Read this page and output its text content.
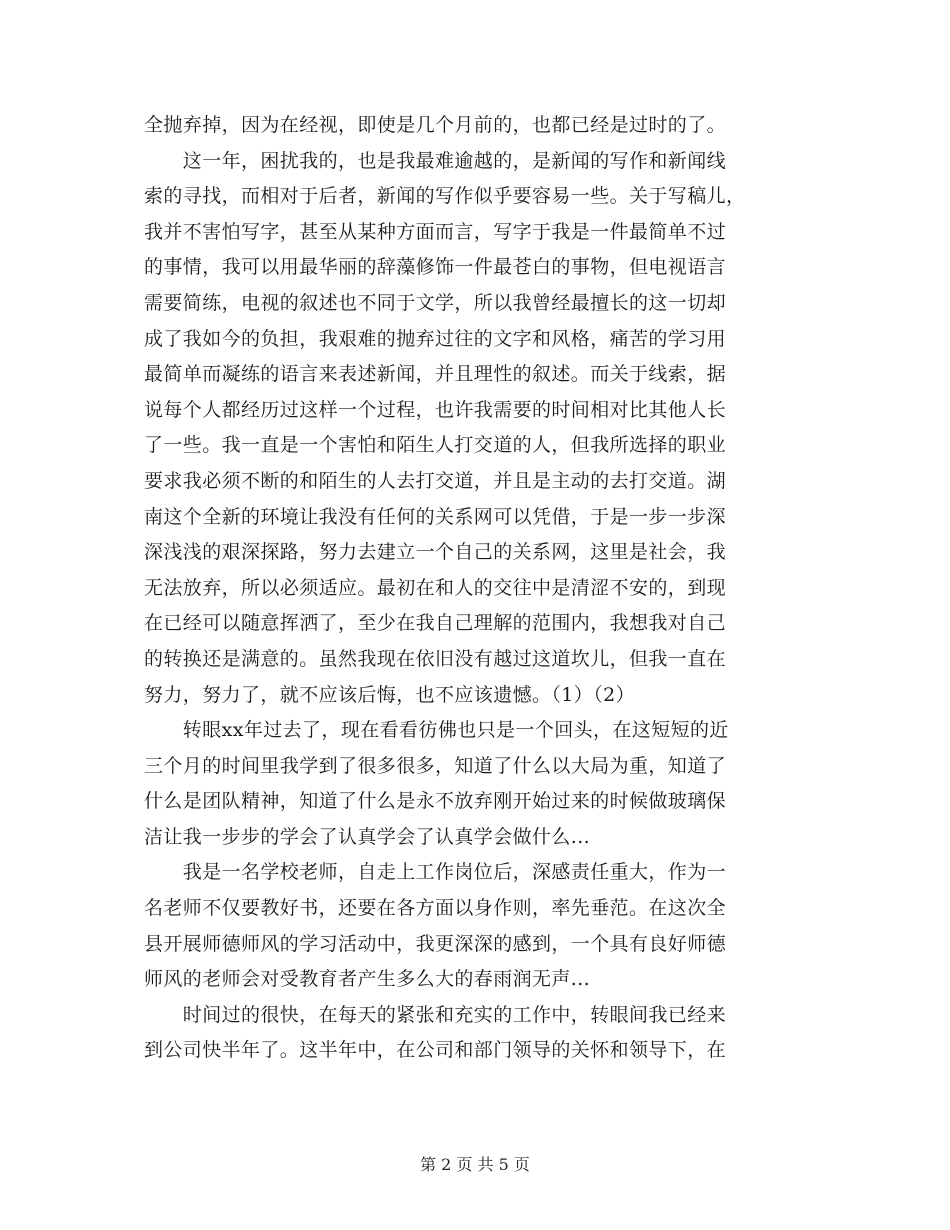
全抛弃掉，因为在经视，即使是几个月前的，也都已经是过时的了。
　　这一年，困扰我的，也是我最难逾越的，是新闻的写作和新闻线
索的寻找，而相对于后者，新闻的写作似乎要容易一些。关于写稿儿，
我并不害怕写字，甚至从某种方面而言，写字于我是一件最简单不过
的事情，我可以用最华丽的辞藻修饰一件最苍白的事物，但电视语言
需要简练，电视的叙述也不同于文学，所以我曾经最擅长的这一切却
成了我如今的负担，我艰难的抛弃过往的文字和风格，痛苦的学习用
最简单而凝练的语言来表述新闻，并且理性的叙述。而关于线索，据
说每个人都经历过这样一个过程，也许我需要的时间相对比其他人长
了一些。我一直是一个害怕和陌生人打交道的人，但我所选择的职业
要求我必须不断的和陌生的人去打交道，并且是主动的去打交道。湖
南这个全新的环境让我没有任何的关系网可以凭借，于是一步一步深
深浅浅的艰深探路，努力去建立一个自己的关系网，这里是社会，我
无法放弃，所以必须适应。最初在和人的交往中是清涩不安的，到现
在已经可以随意挥洒了，至少在我自己理解的范围内，我想我对自己
的转换还是满意的。虽然我现在依旧没有越过这道坎儿，但我一直在
努力，努力了，就不应该后悔，也不应该遗憾。（1）（2）
　　转眼xx年过去了，现在看看彷佛也只是一个回头，在这短短的近
三个月的时间里我学到了很多很多，知道了什么以大局为重，知道了
什么是团队精神，知道了什么是永不放弃刚开始过来的时候做玻璃保
洁让我一步步的学会了认真学会了认真学会做什么...
　　我是一名学校老师，自走上工作岗位后，深感责任重大，作为一
名老师不仅要教好书，还要在各方面以身作则，率先垂范。在这次全
县开展师德师风的学习活动中，我更深深的感到，一个具有良好师德
师风的老师会对受教育者产生多么大的春雨润无声...
　　时间过的很快，在每天的紧张和充实的工作中，转眼间我已经来
到公司快半年了。这半年中，在公司和部门领导的关怀和领导下，在
第 2 页 共 5 页
